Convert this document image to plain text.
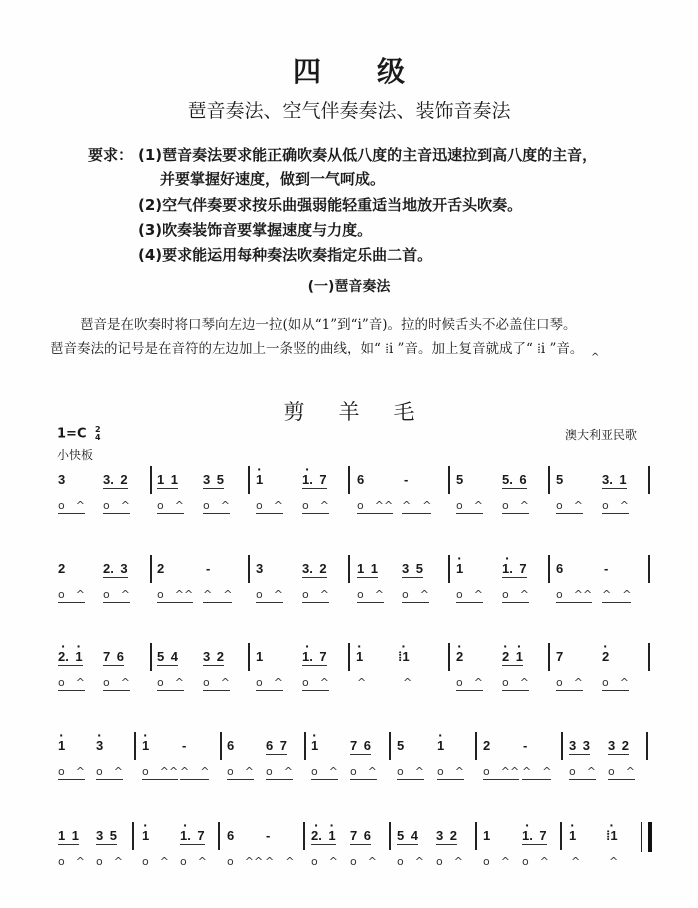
四级
琶音奏法、空气伴奏奏法、装饰音奏法
要求： (1)琶音奏法要求能正确吹奏从低八度的主音迅速拉到高八度的主音，
并要掌握好速度，做到一气呵成。
(2)空气伴奏要求按乐曲强弱能轻重适当地放开舌头吹奏。
(3)吹奏装饰音要掌握速度与力度。
(4)要求能运用每种奏法吹奏指定乐曲二首。
(一)琶音奏法
琶音是在吹奏时将口琴向左边一拉(如从“1”到“i”音)。拉的时候舌头不必盖住口琴。
琶音奏法的记号是在音符的左边加上一条竖的曲线，如“ ⁞i ”音。加上复音就成了“ ⁞i ”音。
^
剪羊毛
1=C 2
4
小快板
澳大利亚民歌
3	3. 2 1 1 3 5 · 1	· 1.  7 6	-	5	5. 6 5	3. 1
o  ^ o  ^ o  ^ o  ^ o  ^ o  ^	o  ^^ ^  ^ o  ^ o  ^ o  ^ o  ^
2	2. 3 2	-	3	3. 2 1 1 3 5	· 1	· 1.  7 6	-
o  ^ o  ^ o  ^^ ^  ^ o  ^ o  ^	o  ^ o  ^ o  ^ o  ^ o  ^^ ^  ^
· 2.  · 1 7 6	5 4 3 2 1	· 1.  7 · 1	· ⁞1	· 2	· 2  · 1	7	· 2
o  ^ o  ^ o  ^ o  ^ o  ^ o  ^	^	^	o  ^ o  ^ o  ^ o  ^
· 1 · 3	· 1	-	6 6 7 · 1 7 6 5	· 1	2	-	3 3 3 2
o  ^ o  ^ o  ^^ ^  ^ o  ^ o  ^ o  ^ o  ^ o  ^ o  ^ o  ^^ ^  ^ o  ^ o  ^
1 1 3 5 · 1 · 1.  7 6 -	· 2.  · 1 7 6 5 4 3 2 1 · 1.  7 · 1 · ⁞1
o  ^ o  ^ o  ^ o  ^ o  ^^ ^  ^ o  ^ o  ^ o  ^ o  ^ o  ^ o  ^ ^	^
